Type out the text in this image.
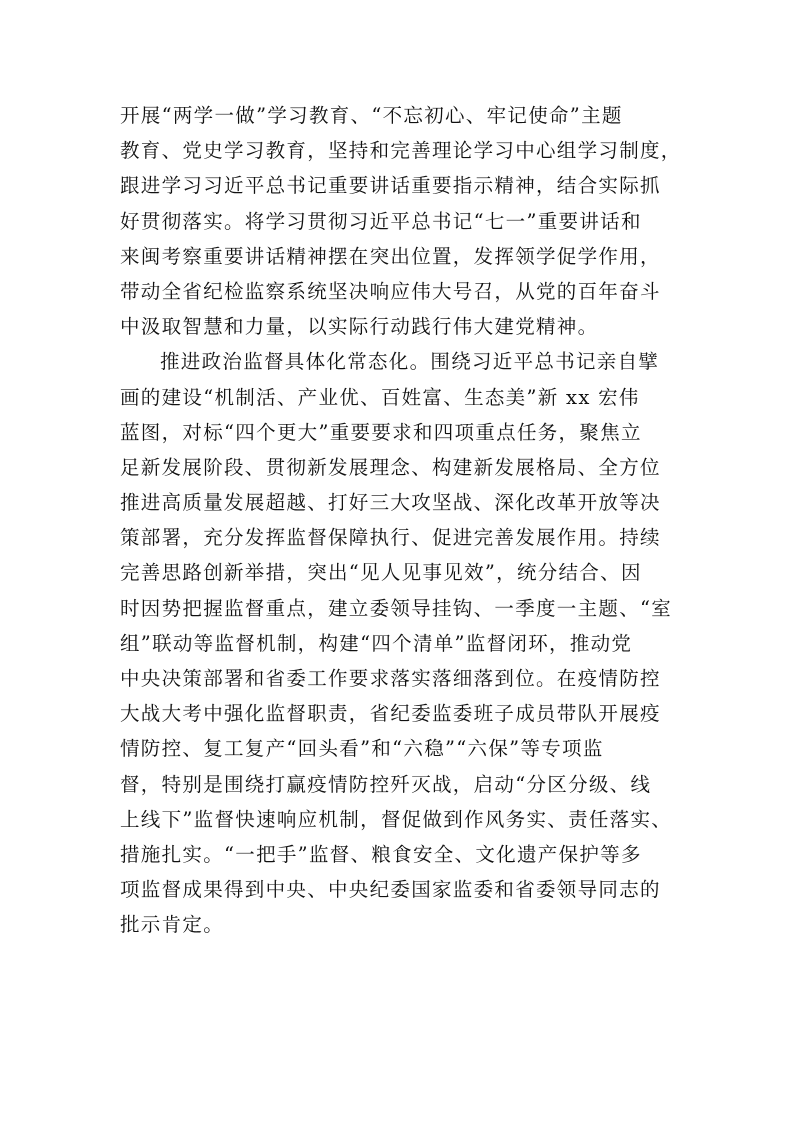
开展“两学一做”学习教育、“不忘初心、牢记使命”主题
教育、党史学习教育，坚持和完善理论学习中心组学习制度，
跟进学习习近平总书记重要讲话重要指示精神，结合实际抓
好贯彻落实。将学习贯彻习近平总书记“七一”重要讲话和
来闽考察重要讲话精神摆在突出位置，发挥领学促学作用，
带动全省纪检监察系统坚决响应伟大号召，从党的百年奋斗
中汲取智慧和力量，以实际行动践行伟大建党精神。
推进政治监督具体化常态化。围绕习近平总书记亲自擘
画的建设“机制活、产业优、百姓富、生态美”新 xx 宏伟
蓝图，对标“四个更大”重要要求和四项重点任务，聚焦立
足新发展阶段、贯彻新发展理念、构建新发展格局、全方位
推进高质量发展超越、打好三大攻坚战、深化改革开放等决
策部署，充分发挥监督保障执行、促进完善发展作用。持续
完善思路创新举措，突出“见人见事见效”，统分结合、因
时因势把握监督重点，建立委领导挂钩、一季度一主题、“室
组”联动等监督机制，构建“四个清单”监督闭环，推动党
中央决策部署和省委工作要求落实落细落到位。在疫情防控
大战大考中强化监督职责，省纪委监委班子成员带队开展疫
情防控、复工复产“回头看”和“六稳”“六保”等专项监
督，特别是围绕打赢疫情防控歼灭战，启动“分区分级、线
上线下”监督快速响应机制，督促做到作风务实、责任落实、
措施扎实。“一把手”监督、粮食安全、文化遗产保护等多
项监督成果得到中央、中央纪委国家监委和省委领导同志的
批示肯定。
